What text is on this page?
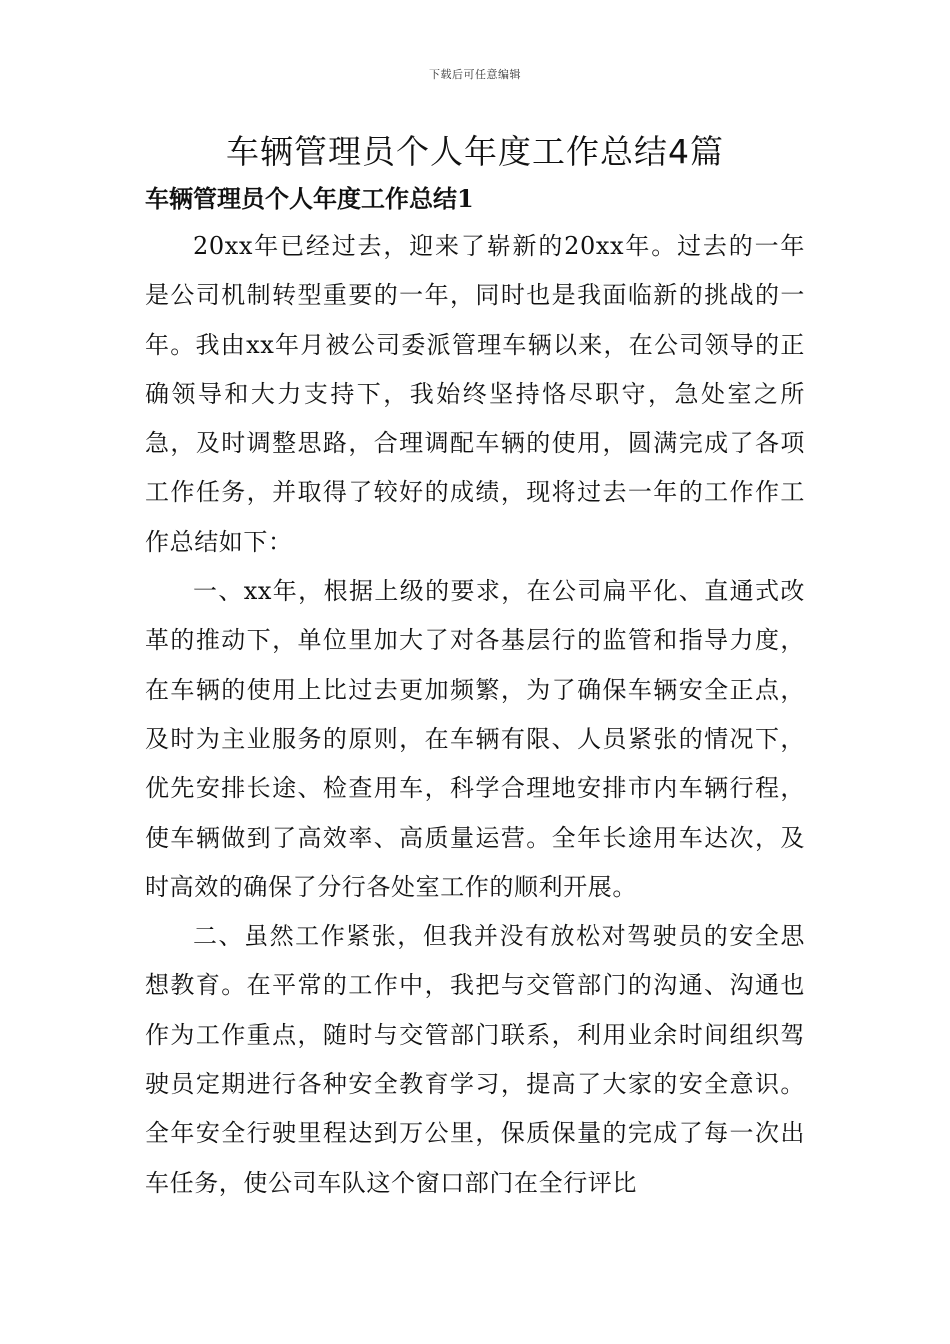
下载后可任意编辑
车辆管理员个人年度工作总结4篇
车辆管理员个人年度工作总结1

20xx年已经过去，迎来了崭新的20xx年。过去的一年是公司机制转型重要的一年，同时也是我面临新的挑战的一年。我由xx年月被公司委派管理车辆以来，在公司领导的正确领导和大力支持下，我始终坚持恪尽职守，急处室之所急，及时调整思路，合理调配车辆的使用，圆满完成了各项工作任务，并取得了较好的成绩，现将过去一年的工作作工作总结如下：

一、xx年，根据上级的要求，在公司扁平化、直通式改革的推动下，单位里加大了对各基层行的监管和指导力度，在车辆的使用上比过去更加频繁，为了确保车辆安全正点，及时为主业服务的原则，在车辆有限、人员紧张的情况下，优先安排长途、检查用车，科学合理地安排市内车辆行程，使车辆做到了高效率、高质量运营。全年长途用车达次，及时高效的确保了分行各处室工作的顺利开展。

二、虽然工作紧张，但我并没有放松对驾驶员的安全思想教育。在平常的工作中，我把与交管部门的沟通、沟通也作为工作重点，随时与交管部门联系，利用业余时间组织驾驶员定期进行各种安全教育学习，提高了大家的安全意识。全年安全行驶里程达到万公里，保质保量的完成了每一次出车任务，使公司车队这个窗口部门在全行评比
